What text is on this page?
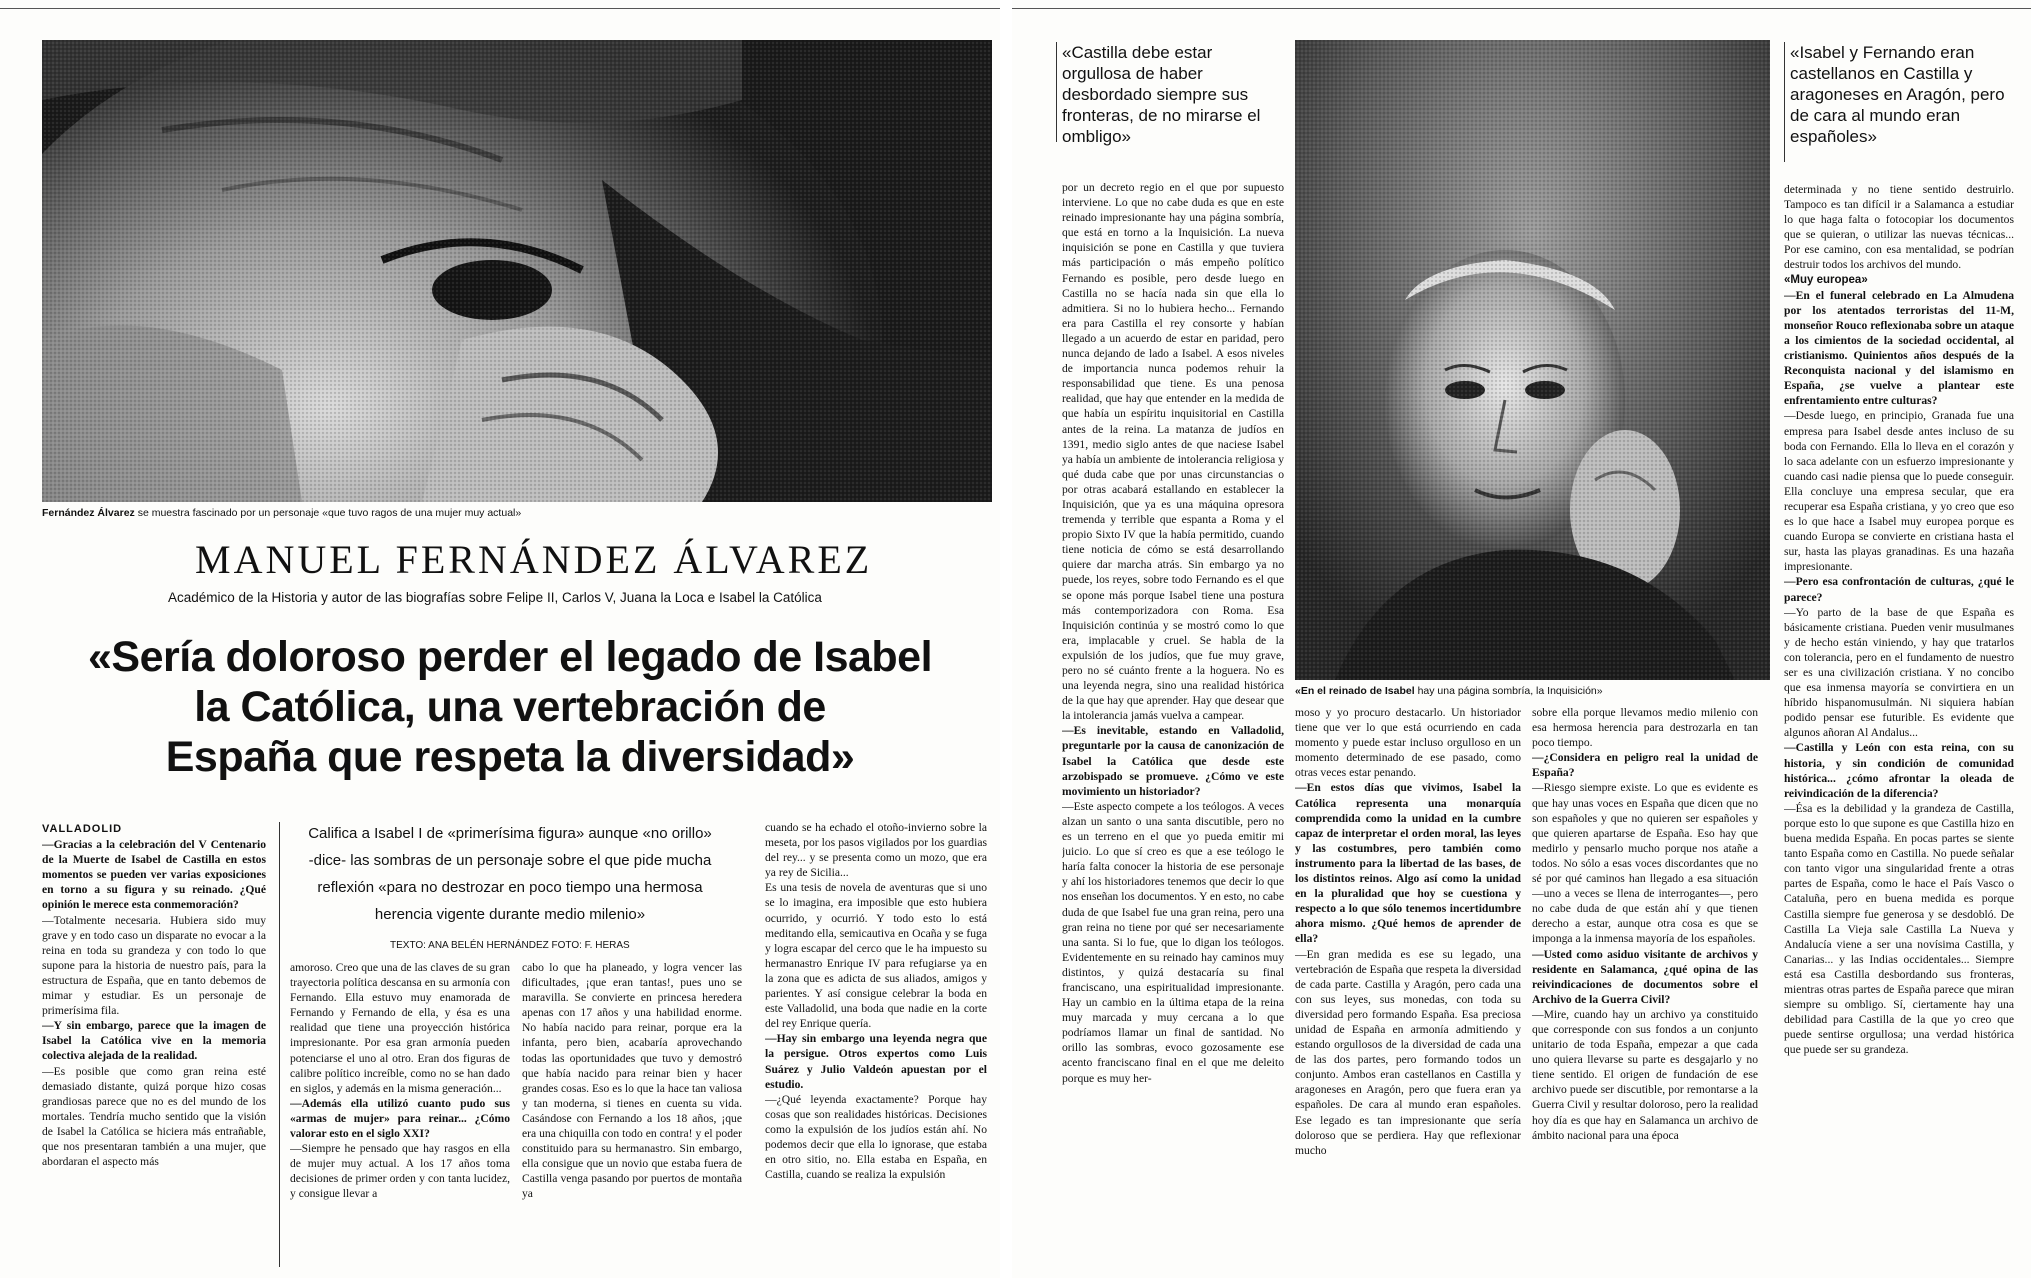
Fernández Álvarez se muestra fascinado por un personaje «que tuvo ragos de una mujer muy actual»
MANUEL FERNÁNDEZ ÁLVAREZ
Académico de la Historia y autor de las biografías sobre Felipe II, Carlos V, Juana la Loca e Isabel la Católica
«Sería doloroso perder el legado de Isabel
la Católica, una vertebración de
España que respeta la diversidad»
VALLADOLID

—Gracias a la celebración del V Centenario de la Muerte de Isabel de Castilla en estos momentos se pueden ver varias exposiciones en torno a su figura y su reinado. ¿Qué opinión le merece esta conmemoración?

—Totalmente necesaria. Hubiera sido muy grave y en todo caso un disparate no evocar a la reina en toda su grandeza y con todo lo que supone para la historia de nuestro país, para la estructura de España, que en tanto debemos de mimar y estudiar. Es un personaje de primerísima fila.

—Y sin embargo, parece que la imagen de Isabel la Católica vive en la memoria colectiva alejada de la realidad.

—Es posible que como gran reina esté demasiado distante, quizá porque hizo cosas grandiosas parece que no es del mundo de los mortales. Tendría mucho sentido que la visión de Isabel la Católica se hiciera más entrañable, que nos presentaran también a una mujer, que abordaran el aspecto más

Califica a Isabel I de «primerísima figura» aunque «no orillo»
-dice- las sombras de un personaje sobre el que pide mucha
reflexión «para no destrozar en poco tiempo una hermosa
herencia vigente durante medio milenio»
TEXTO: ANA BELÉN HERNÁNDEZ FOTO: F. HERAS

amoroso. Creo que una de las claves de su gran trayectoria política descansa en su armonía con Fernando. Ella estuvo muy enamorada de Fernando y Fernando de ella, y ésa es una realidad que tiene una proyección histórica impresionante. Por esa gran armonía pueden potenciarse el uno al otro. Eran dos figuras de calibre político increíble, como no se han dado en siglos, y además en la misma generación...

—Además ella utilizó cuanto pudo sus «armas de mujer» para reinar... ¿Cómo valorar esto en el siglo XXI?

—Siempre he pensado que hay rasgos en ella de mujer muy actual. A los 17 años toma decisiones de primer orden y con tanta lucidez, y consigue llevar a

cabo lo que ha planeado, y logra vencer las dificultades, ¡que eran tantas!, pues uno se maravilla. Se convierte en princesa heredera apenas con 17 años y una habilidad enorme. No había nacido para reinar, porque era la infanta, pero bien, acabaría aprovechando todas las oportunidades que tuvo y demostró que había nacido para reinar bien y hacer grandes cosas. Eso es lo que la hace tan valiosa y tan moderna, si tienes en cuenta su vida. Casándose con Fernando a los 18 años, ¡que era una chiquilla con todo en contra! y el poder constituido para su hermanastro. Sin embargo, ella consigue que un novio que estaba fuera de Castilla venga pasando por puertos de montaña ya

cuando se ha echado el otoño-invierno sobre la meseta, por los pasos vigilados por los guardias del rey... y se presenta como un mozo, que era ya rey de Sicilia...

Es una tesis de novela de aventuras que si uno se lo imagina, era imposible que esto hubiera ocurrido, y ocurrió. Y todo esto lo está meditando ella, semicautiva en Ocaña y se fuga y logra escapar del cerco que le ha impuesto su hermanastro Enrique IV para refugiarse ya en la zona que es adicta de sus aliados, amigos y parientes. Y así consigue celebrar la boda en este Valladolid, una boda que nadie en la corte del rey Enrique quería.

—Hay sin embargo una leyenda negra que la persigue. Otros expertos como Luis Suárez y Julio Valdeón apuestan por el estudio.

—¿Qué leyenda exactamente? Porque hay cosas que son realidades históricas. Decisiones como la expulsión de los judíos están ahí. No podemos decir que ella lo ignorase, que estaba en otro sitio, no. Ella estaba en España, en Castilla, cuando se realiza la expulsión

«Castilla debe estar orgullosa de haber desbordado siempre sus fronteras, de no mirarse el ombligo»
«Isabel y Fernando eran castellanos en Castilla y aragoneses en Aragón, pero de cara al mundo eran españoles»
«En el reinado de Isabel hay una página sombría, la Inquisición»

por un decreto regio en el que por supuesto interviene. Lo que no cabe duda es que en este reinado impresionante hay una página sombría, que está en torno a la Inquisición. La nueva inquisición se pone en Castilla y que tuviera más participación o más empeño político Fernando es posible, pero desde luego en Castilla no se hacía nada sin que ella lo admitiera. Si no lo hubiera hecho... Fernando era para Castilla el rey consorte y habían llegado a un acuerdo de estar en paridad, pero nunca dejando de lado a Isabel. A esos niveles de importancia nunca podemos rehuir la responsabilidad que tiene. Es una penosa realidad, que hay que entender en la medida de que había un espíritu inquisitorial en Castilla antes de la reina. La matanza de judíos en 1391, medio siglo antes de que naciese Isabel ya había un ambiente de intolerancia religiosa y qué duda cabe que por unas circunstancias o por otras acabará estallando en establecer la Inquisición, que ya es una máquina opresora tremenda y terrible que espanta a Roma y el propio Sixto IV que la había permitido, cuando tiene noticia de cómo se está desarrollando quiere dar marcha atrás. Sin embargo ya no puede, los reyes, sobre todo Fernando es el que se opone más porque Isabel tiene una postura más contemporizadora con Roma. Esa Inquisición continúa y se mostró como lo que era, implacable y cruel. Se habla de la expulsión de los judíos, que fue muy grave, pero no sé cuánto frente a la hoguera. No es una leyenda negra, sino una realidad histórica de la que hay que aprender. Hay que desear que la intolerancia jamás vuelva a campear.

—Es inevitable, estando en Valladolid, preguntarle por la causa de canonización de Isabel la Católica que desde este arzobispado se promueve. ¿Cómo ve este movimiento un historiador?

—Este aspecto compete a los teólogos. A veces alzan un santo o una santa discutible, pero no es un terreno en el que yo pueda emitir mi juicio. Lo que sí creo es que a ese teólogo le haría falta conocer la historia de ese personaje y ahí los historiadores tenemos que decir lo que nos enseñan los documentos. Y en esto, no cabe duda de que Isabel fue una gran reina, pero una gran reina no tiene por qué ser necesariamente una santa. Si lo fue, que lo digan los teólogos. Evidentemente en su reinado hay caminos muy distintos, y quizá destacaría su final franciscano, una espiritualidad impresionante. Hay un cambio en la última etapa de la reina muy marcada y muy cercana a lo que podríamos llamar un final de santidad. No orillo las sombras, evoco gozosamente ese acento franciscano final en el que me deleito porque es muy her-

moso y yo procuro destacarlo. Un historiador tiene que ver lo que está ocurriendo en cada momento y puede estar incluso orgulloso en un momento determinado de ese pasado, como otras veces estar penando.

—En estos días que vivimos, Isabel la Católica representa una monarquía comprendida como la unidad en la cumbre capaz de interpretar el orden moral, las leyes y las costumbres, pero también como instrumento para la libertad de las bases, de los distintos reinos. Algo así como la unidad en la pluralidad que hoy se cuestiona y respecto a lo que sólo tenemos incertidumbre ahora mismo. ¿Qué hemos de aprender de ella?

—En gran medida es ese su legado, una vertebración de España que respeta la diversidad de cada parte. Castilla y Aragón, pero cada una con sus leyes, sus monedas, con toda su diversidad pero formando España. Esa preciosa unidad de España en armonía admitiendo y estando orgullosos de la diversidad de cada una de las dos partes, pero formando todos un conjunto. Ambos eran castellanos en Castilla y aragoneses en Aragón, pero que fuera eran ya españoles. De cara al mundo eran españoles. Ese legado es tan impresionante que sería doloroso que se perdiera. Hay que reflexionar mucho

sobre ella porque llevamos medio milenio con esa hermosa herencia para destrozarla en tan poco tiempo.

—¿Considera en peligro real la unidad de España?

—Riesgo siempre existe. Lo que es evidente es que hay unas voces en España que dicen que no son españoles y que no quieren ser españoles y que quieren apartarse de España. Eso hay que medirlo y pensarlo mucho porque nos atañe a todos. No sólo a esas voces discordantes que no sé por qué caminos han llegado a esa situación —uno a veces se llena de interrogantes—, pero no cabe duda de que están ahí y que tienen derecho a estar, aunque otra cosa es que se imponga a la inmensa mayoría de los españoles.

—Usted como asiduo visitante de archivos y residente en Salamanca, ¿qué opina de las reivindicaciones de documentos sobre el Archivo de la Guerra Civil?

—Mire, cuando hay un archivo ya constituido que corresponde con sus fondos a un conjunto unitario de toda España, empezar a que cada uno quiera llevarse su parte es desgajarlo y no tiene sentido. El origen de fundación de ese archivo puede ser discutible, por remontarse a la Guerra Civil y resultar doloroso, pero la realidad hoy día es que hay en Salamanca un archivo de ámbito nacional para una época

determinada y no tiene sentido destruirlo. Tampoco es tan difícil ir a Salamanca a estudiar lo que haga falta o fotocopiar los documentos que se quieran, o utilizar las nuevas técnicas... Por ese camino, con esa mentalidad, se podrían destruir todos los archivos del mundo.

«Muy europea»

—En el funeral celebrado en La Almudena por los atentados terroristas del 11-M, monseñor Rouco reflexionaba sobre un ataque a los cimientos de la sociedad occidental, al cristianismo. Quinientos años después de la Reconquista nacional y del islamismo en España, ¿se vuelve a plantear este enfrentamiento entre culturas?

—Desde luego, en principio, Granada fue una empresa para Isabel desde antes incluso de su boda con Fernando. Ella lo lleva en el corazón y lo saca adelante con un esfuerzo impresionante y cuando casi nadie piensa que lo puede conseguir. Ella concluye una empresa secular, que era recuperar esa España cristiana, y yo creo que eso es lo que hace a Isabel muy europea porque es cuando Europa se convierte en cristiana hasta el sur, hasta las playas granadinas. Es una hazaña impresionante.

—Pero esa confrontación de culturas, ¿qué le parece?

—Yo parto de la base de que España es básicamente cristiana. Pueden venir musulmanes y de hecho están viniendo, y hay que tratarlos con tolerancia, pero en el fundamento de nuestro ser es una civilización cristiana. Y no concibo que esa inmensa mayoría se convirtiera en un híbrido hispanomusulmán. Ni siquiera habían podido pensar ese futurible. Es evidente que algunos añoran Al Andalus...

—Castilla y León con esta reina, con su historia, y sin condición de comunidad histórica... ¿cómo afrontar la oleada de reivindicación de la diferencia?

—Ésa es la debilidad y la grandeza de Castilla, porque esto lo que supone es que Castilla hizo en buena medida España. En pocas partes se siente tanto España como en Castilla. No puede señalar con tanto vigor una singularidad frente a otras partes de España, como le hace el País Vasco o Cataluña, pero en buena medida es porque Castilla siempre fue generosa y se desdobló. De Castilla La Vieja sale Castilla La Nueva y Andalucía viene a ser una novísima Castilla, y Canarias... y las Indias occidentales... Siempre está esa Castilla desbordando sus fronteras, mientras otras partes de España parece que miran siempre su ombligo. Sí, ciertamente hay una debilidad para Castilla de la que yo creo que puede sentirse orgullosa; una verdad histórica que puede ser su grandeza.
